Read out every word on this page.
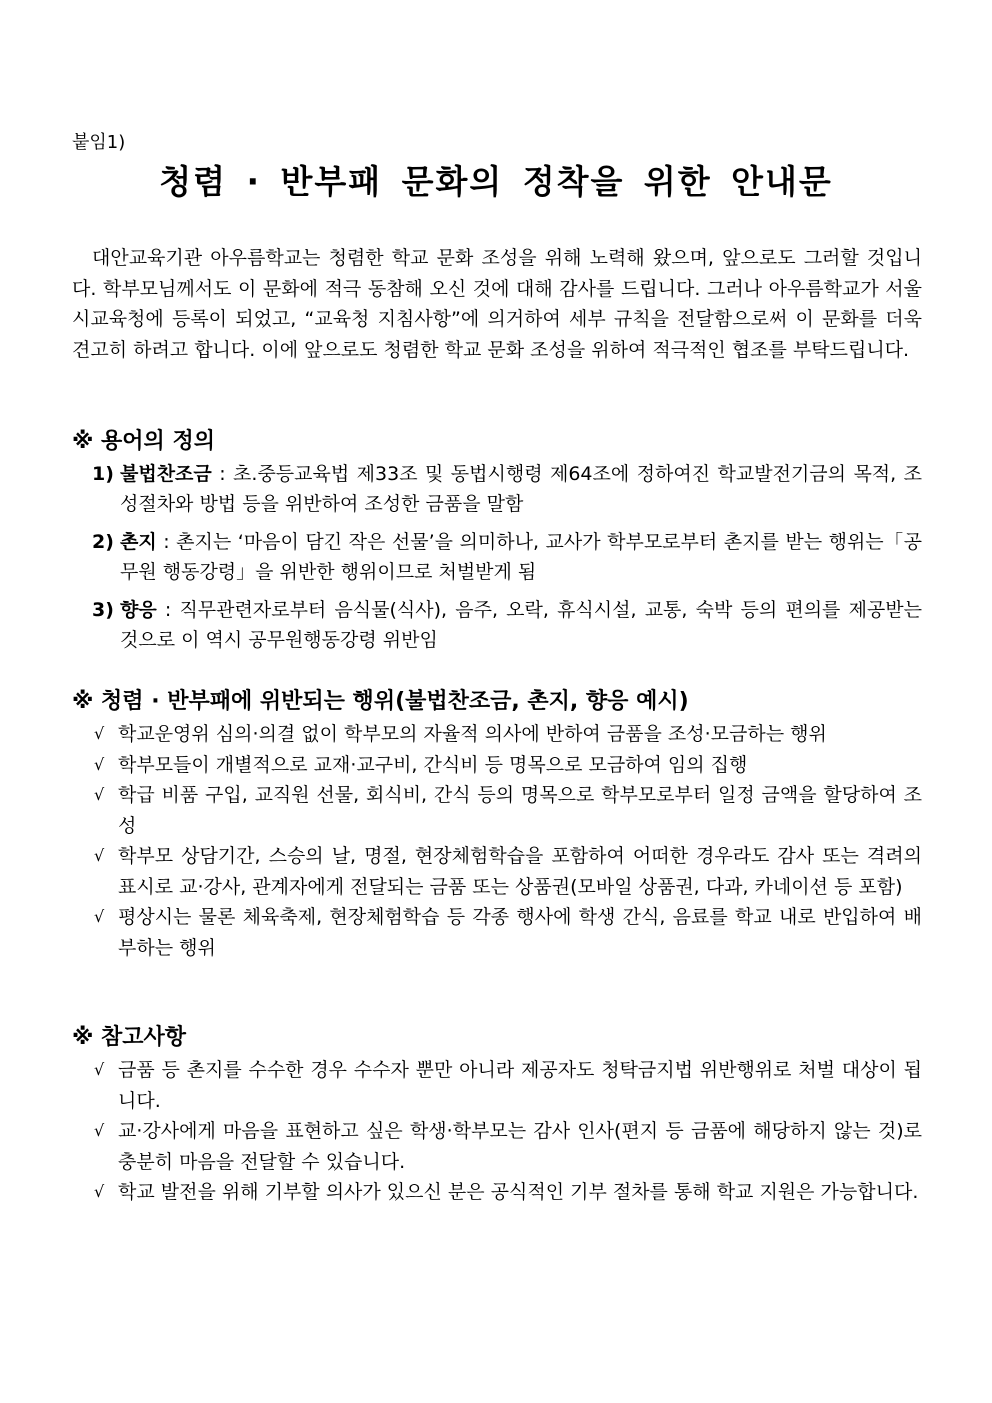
붙임1)
청렴 · 반부패 문화의 정착을 위한 안내문
대안교육기관 아우름학교는 청렴한 학교 문화 조성을 위해 노력해 왔으며, 앞으로도 그러할 것입니다. 학부모님께서도 이 문화에 적극 동참해 오신 것에 대해 감사를 드립니다. 그러나 아우름학교가 서울시교육청에 등록이 되었고, “교육청 지침사항”에 의거하여 세부 규칙을 전달함으로써 이 문화를 더욱 견고히 하려고 합니다. 이에 앞으로도 청렴한 학교 문화 조성을 위하여 적극적인 협조를 부탁드립니다.
※ 용어의 정의
1) 불법찬조금 : 초.중등교육법 제33조 및 동법시행령 제64조에 정하여진 학교발전기금의 목적, 조성절차와 방법 등을 위반하여 조성한 금품을 말함
2) 촌지 : 촌지는 ‘마음이 담긴 작은 선물’을 의미하나, 교사가 학부모로부터 촌지를 받는 행위는「공무원 행동강령」을 위반한 행위이므로 처벌받게 됨
3) 향응 : 직무관련자로부터 음식물(식사), 음주, 오락, 휴식시설, 교통, 숙박 등의 편의를 제공받는 것으로 이 역시 공무원행동강령 위반임
※ 청렴 · 반부패에 위반되는 행위(불법찬조금, 촌지, 향응 예시)
√ 학교운영위 심의·의결 없이 학부모의 자율적 의사에 반하여 금품을 조성·모금하는 행위
√ 학부모들이 개별적으로 교재·교구비, 간식비 등 명목으로 모금하여 임의 집행
√ 학급 비품 구입, 교직원 선물, 회식비, 간식 등의 명목으로 학부모로부터 일정 금액을 할당하여 조성
√ 학부모 상담기간, 스승의 날, 명절, 현장체험학습을 포함하여 어떠한 경우라도 감사 또는 격려의 표시로 교·강사, 관계자에게 전달되는 금품 또는 상품권(모바일 상품권, 다과, 카네이션 등 포함)
√ 평상시는 물론 체육축제, 현장체험학습 등 각종 행사에 학생 간식, 음료를 학교 내로 반입하여 배부하는 행위
※ 참고사항
√ 금품 등 촌지를 수수한 경우 수수자 뿐만 아니라 제공자도 청탁금지법 위반행위로 처벌 대상이 됩니다.
√ 교·강사에게 마음을 표현하고 싶은 학생·학부모는 감사 인사(편지 등 금품에 해당하지 않는 것)로 충분히 마음을 전달할 수 있습니다.
√ 학교 발전을 위해 기부할 의사가 있으신 분은 공식적인 기부 절차를 통해 학교 지원은 가능합니다.
